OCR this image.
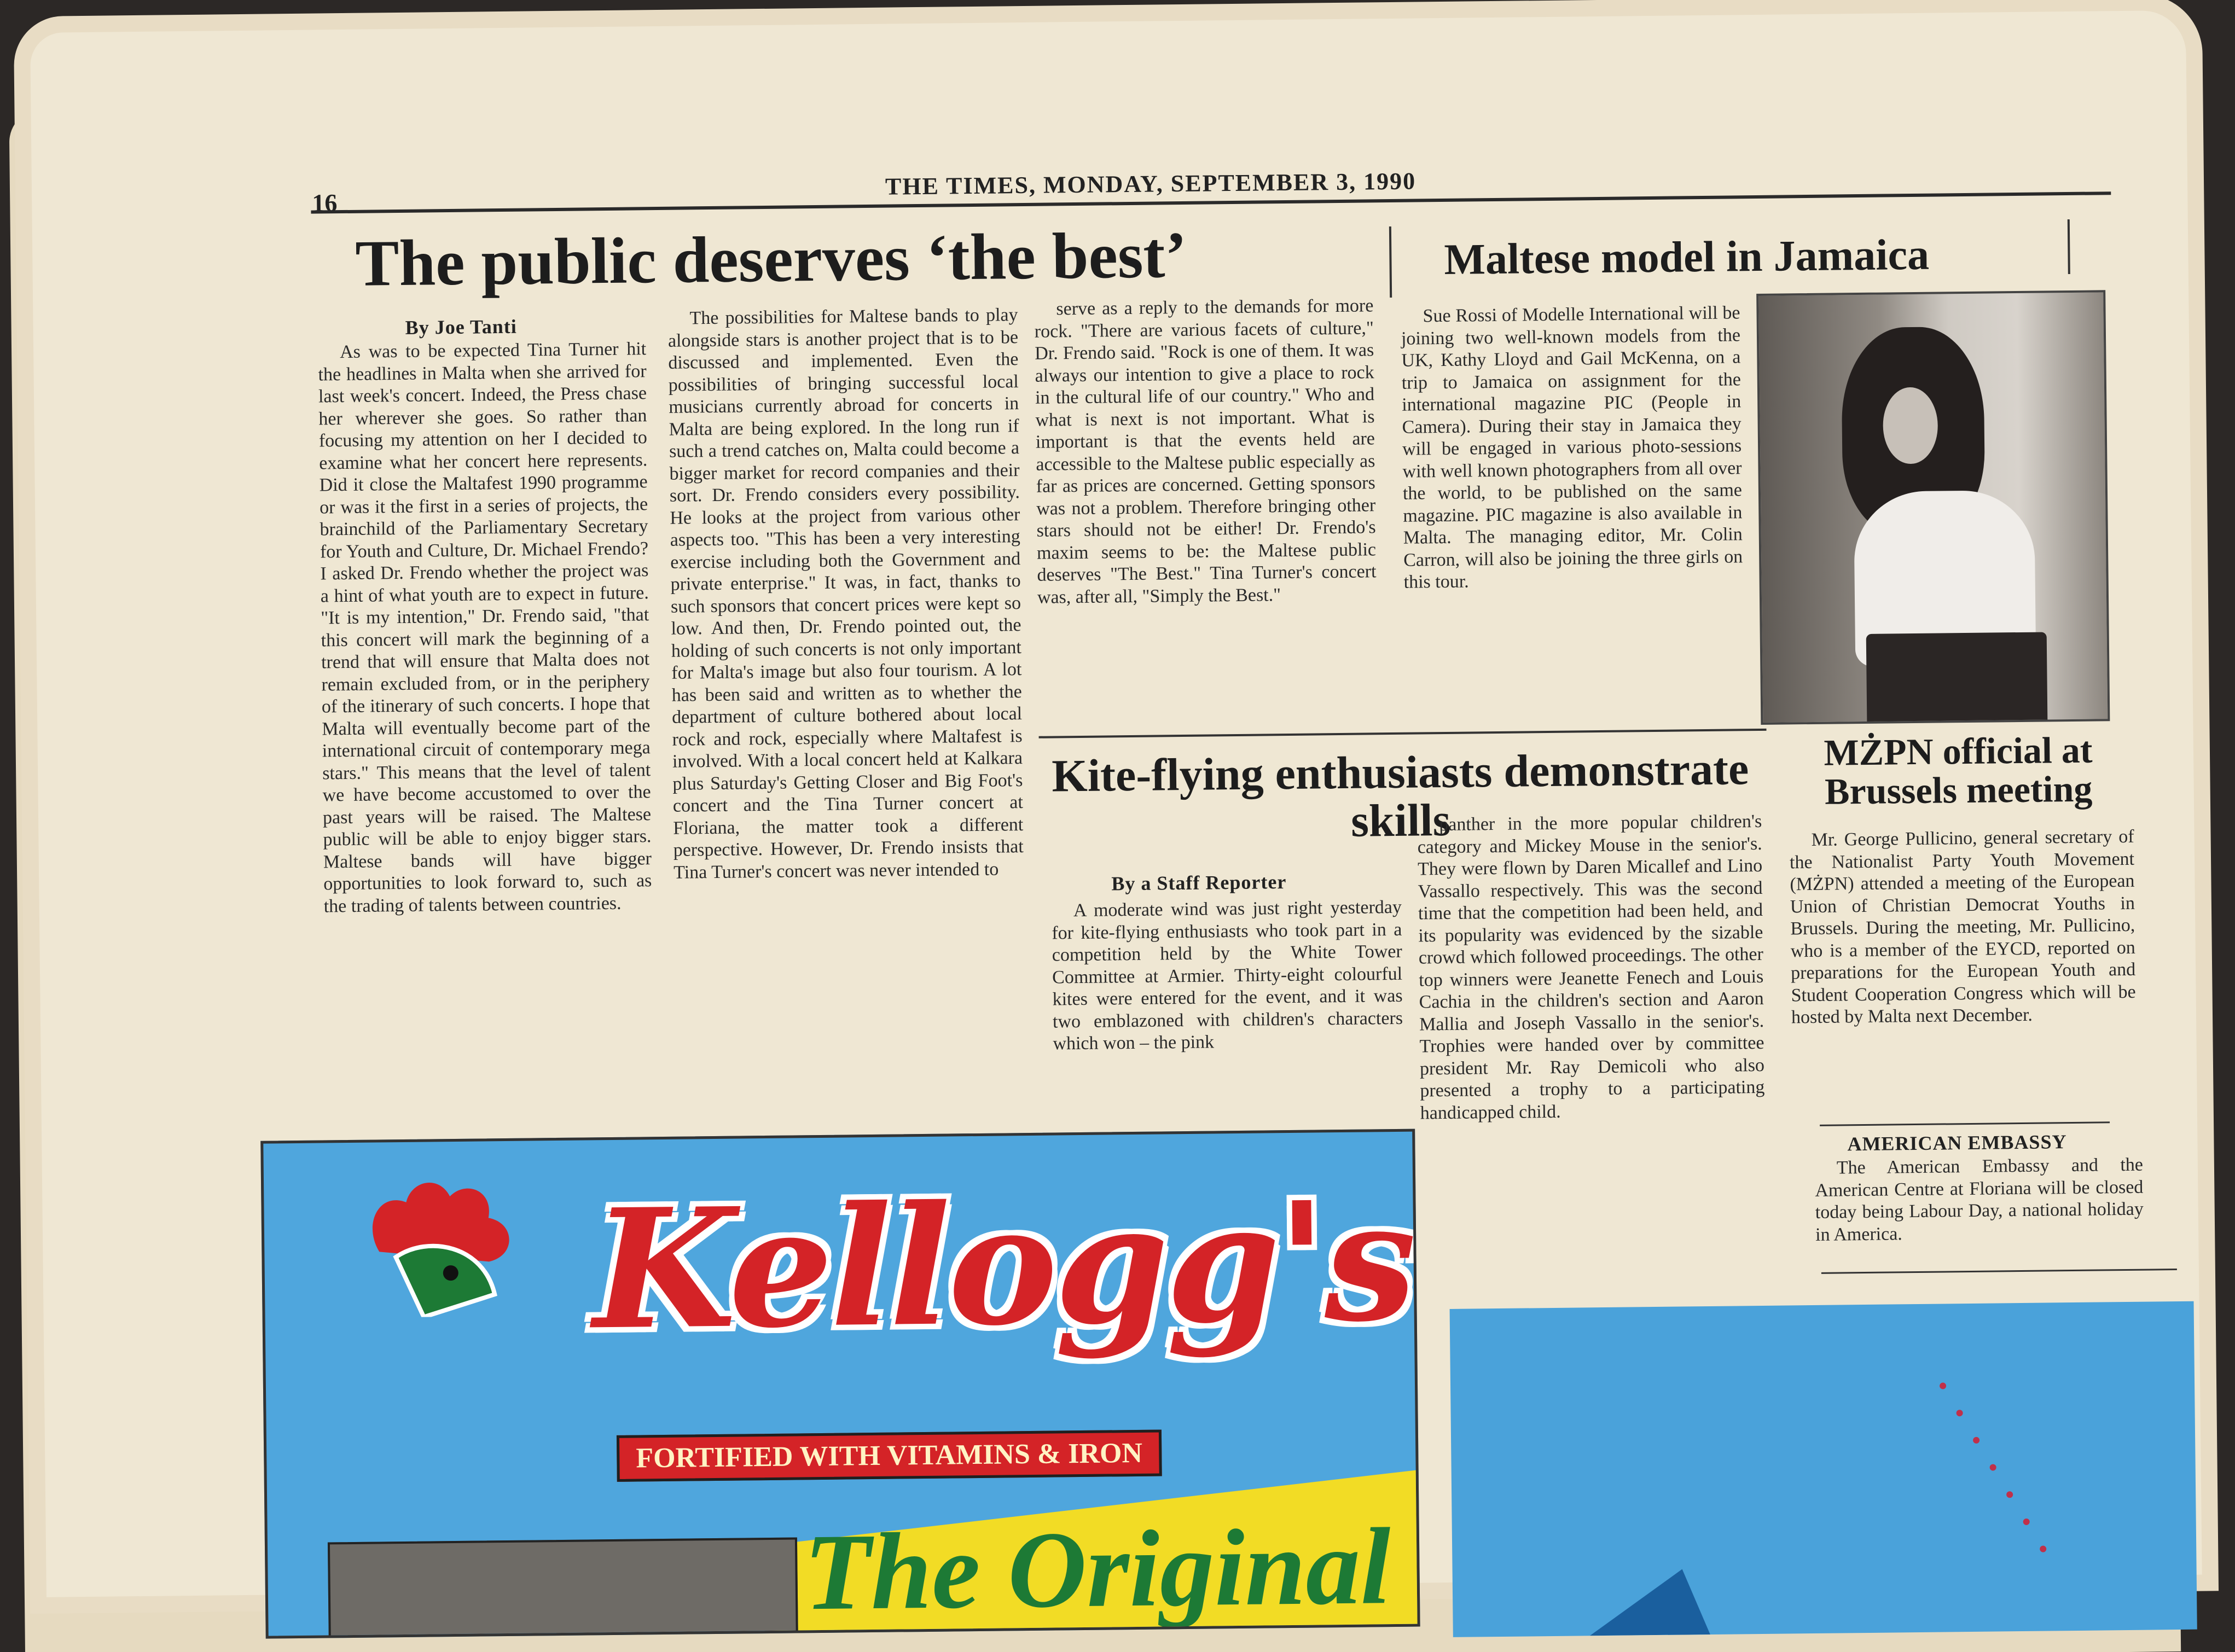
16
THE TIMES, MONDAY, SEPTEMBER 3, 1990
The public deserves ‘the best’
By Joe Tanti

As was to be expected Tina Turner hit the headlines in Malta when she arrived for last week's concert. Indeed, the Press chase her wherever she goes. So rather than focusing my attention on her I decided to examine what her concert here represents. Did it close the Maltafest 1990 programme or was it the first in a series of projects, the brainchild of the Parliamentary Secretary for Youth and Culture, Dr. Michael Frendo? I asked Dr. Frendo whether the project was a hint of what youth are to expect in future. "It is my intention," Dr. Frendo said, "that this concert will mark the beginning of a trend that will ensure that Malta does not remain excluded from, or in the periphery of the itinerary of such concerts. I hope that Malta will eventually become part of the international circuit of contemporary mega stars." This means that the level of talent we have become accustomed to over the past years will be raised. The Maltese public will be able to enjoy bigger stars. Maltese bands will have bigger opportunities to look forward to, such as the trading of talents between countries.

The possibilities for Maltese bands to play alongside stars is another project that is to be discussed and implemented. Even the possibilities of bringing successful local musicians currently abroad for concerts in Malta are being explored. In the long run if such a trend catches on, Malta could become a bigger market for record companies and their sort. Dr. Frendo considers every possibility. He looks at the project from various other aspects too. "This has been a very interesting exercise including both the Government and private enterprise." It was, in fact, thanks to such sponsors that concert prices were kept so low. And then, Dr. Frendo pointed out, the holding of such concerts is not only important for Malta's image but also four tourism. A lot has been said and written as to whether the department of culture bothered about local rock and rock, especially where Maltafest is involved. With a local concert held at Kalkara plus Saturday's Getting Closer and Big Foot's concert and the Tina Turner concert at Floriana, the matter took a different perspective. However, Dr. Frendo insists that Tina Turner's concert was never intended to

serve as a reply to the demands for more rock. "There are various facets of culture," Dr. Frendo said. "Rock is one of them. It was always our intention to give a place to rock in the cultural life of our country." Who and what is next is not important. What is important is that the events held are accessible to the Maltese public especially as far as prices are concerned. Getting sponsors was not a problem. Therefore bringing other stars should not be either! Dr. Frendo's maxim seems to be: the Maltese public deserves "The Best." Tina Turner's concert was, after all, "Simply the Best."

Maltese model in Jamaica

Sue Rossi of Modelle International will be joining two well-known models from the UK, Kathy Lloyd and Gail McKenna, on a trip to Jamaica on assignment for the international magazine PIC (People in Camera). During their stay in Jamaica they will be engaged in various photo-sessions with well known photographers from all over the world, to be published on the same magazine. PIC magazine is also available in Malta. The managing editor, Mr. Colin Carron, will also be joining the three girls on this tour.

Kite-flying enthusiasts demonstrate skills
By a Staff Reporter

A moderate wind was just right yesterday for kite-flying enthusiasts who took part in a competition held by the White Tower Committee at Armier. Thirty-eight colourful kites were entered for the event, and it was two emblazoned with children's characters which won – the pink

panther in the more popular children's category and Mickey Mouse in the senior's. They were flown by Daren Micallef and Lino Vassallo respectively. This was the second time that the competition had been held, and its popularity was evidenced by the sizable crowd which followed proceedings. The other top winners were Jeanette Fenech and Louis Cachia in the children's section and Aaron Mallia and Joseph Vassallo in the senior's. Trophies were handed over by committee president Mr. Ray Demicoli who also presented a trophy to a participating handicapped child.

MŻPN official at Brussels meeting

Mr. George Pullicino, general secretary of the Nationalist Party Youth Movement (MŻPN) attended a meeting of the European Union of Christian Democrat Youths in Brussels. During the meeting, Mr. Pullicino, who is a member of the EYCD, reported on preparations for the European Youth and Student Cooperation Congress which will be hosted by Malta next December.

AMERICAN EMBASSY

The American Embassy and the American Centre at Floriana will be closed today being Labour Day, a national holiday in America.

Kellogg's
FORTIFIED WITH VITAMINS & IRON
The Original
